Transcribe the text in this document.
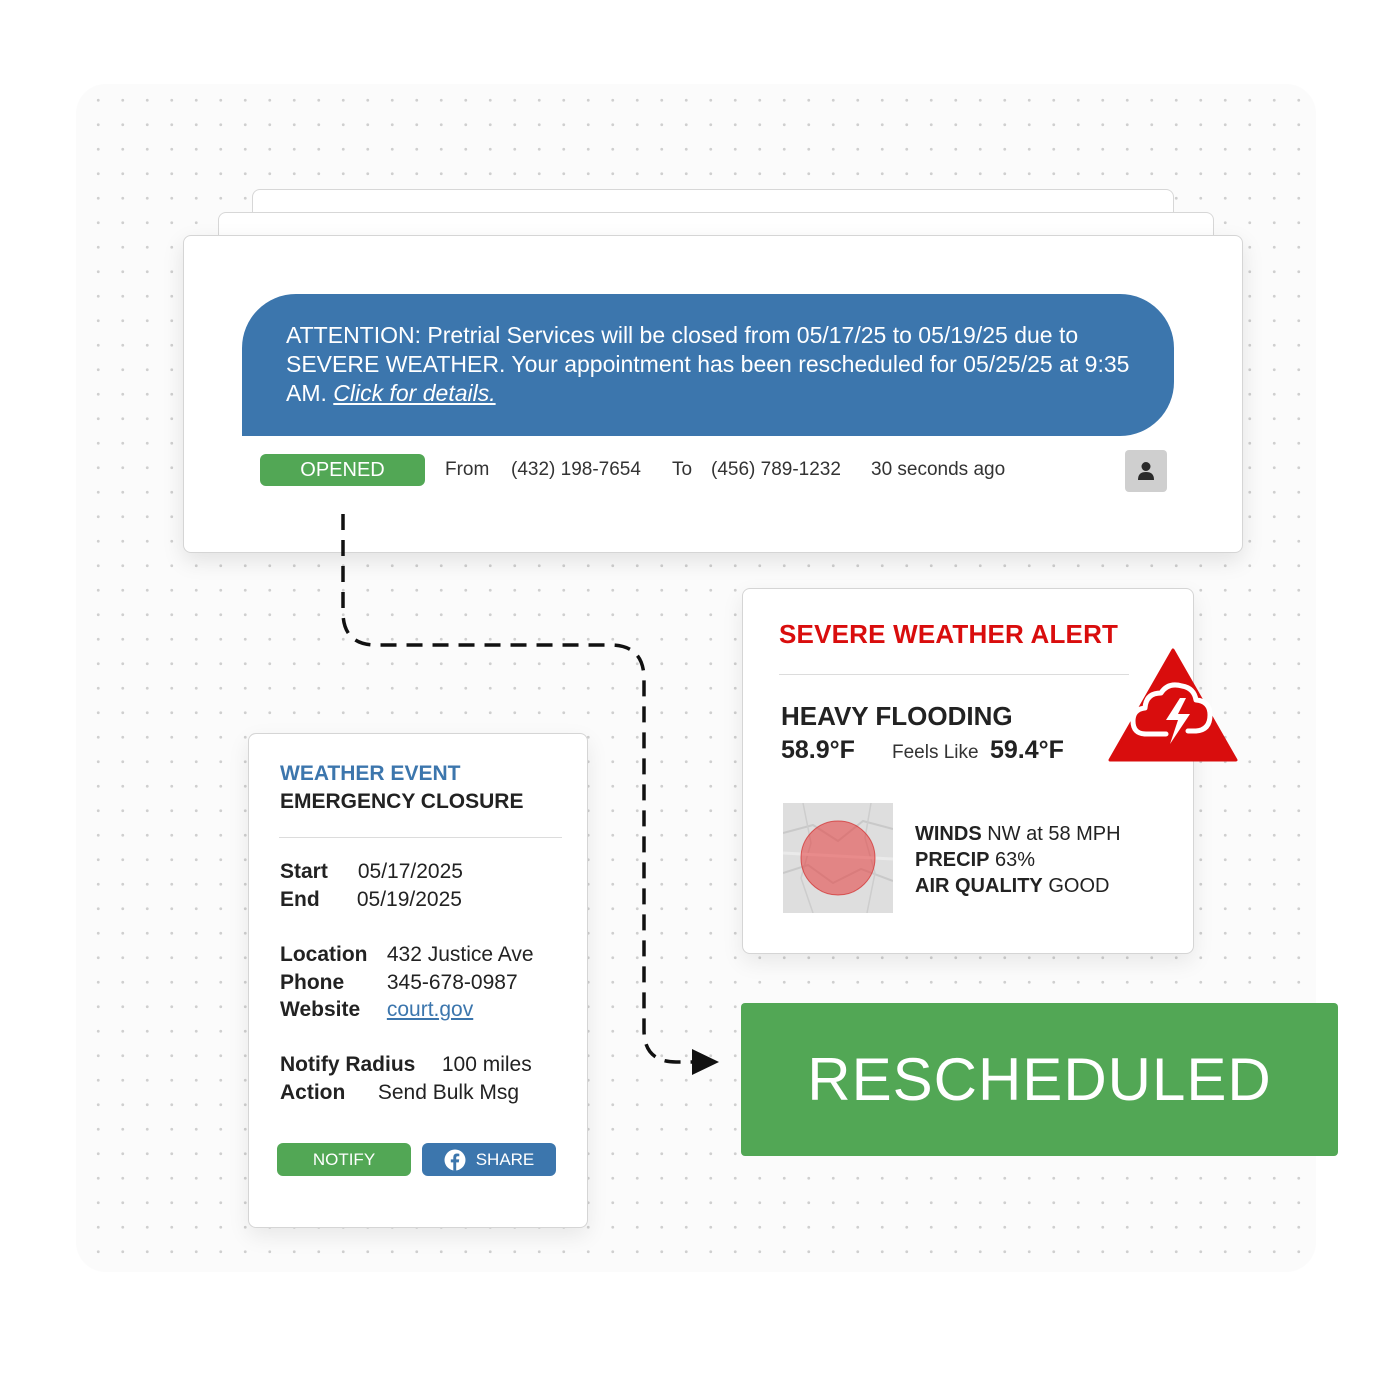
ATTENTION: Pretrial Services will be closed from 05/17/25 to 05/19/25 due to SEVERE WEATHER. Your appointment has been rescheduled for 05/25/25 at 9:35 AM. Click for details.
OPENED	From (432) 198-7654 To (456) 789-1232 30 seconds ago
SEVERE WEATHER ALERT
HEAVY FLOODING
58.9°F Feels Like 59.4°F
WINDS NW at 58 MPH
PRECIP 63%
AIR QUALITY GOOD
WEATHER EVENT
EMERGENCY CLOSURE
Start 05/17/2025
End 05/19/2025
Location 432 Justice Ave
Phone 345-678-0987
Website court.gov
Notify Radius 100 miles
Action Send Bulk Msg
NOTIFY	SHARE
RESCHEDULED
